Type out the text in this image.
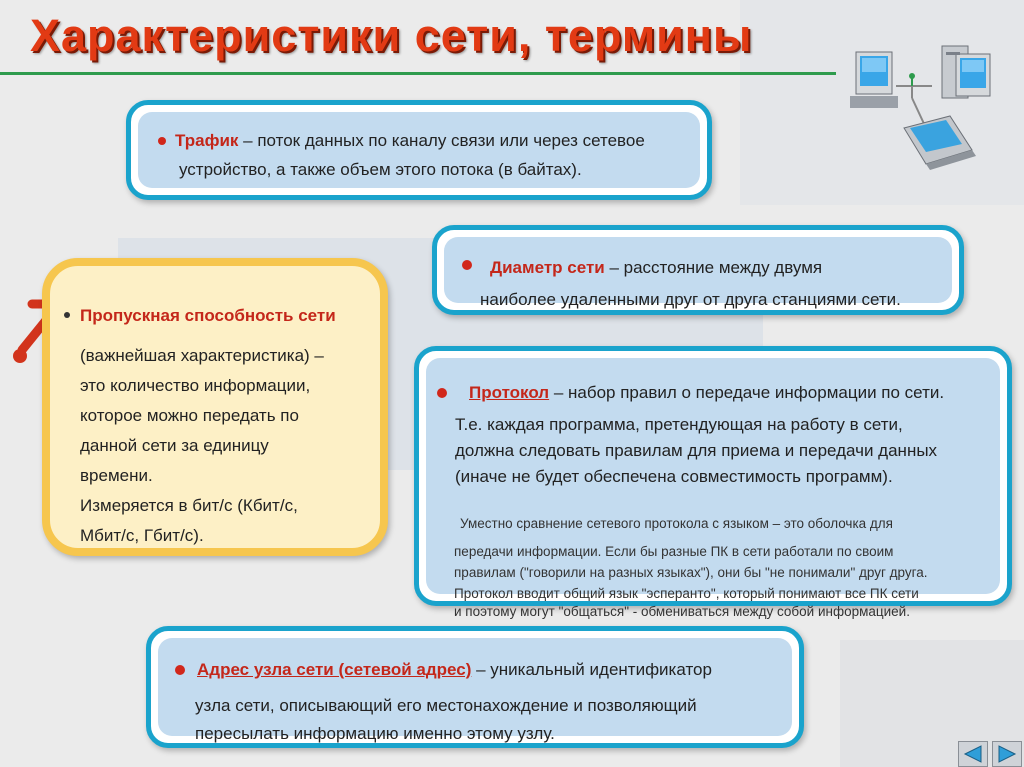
Характеристики сети, термины
Трафик – поток данных по каналу связи или через сетевое
устройство, а также объем этого потока (в байтах).
Диаметр сети – расстояние между двумя
наиболее удаленными друг от друга станциями сети.
Пропускная способность сети
(важнейшая характеристика) –
это количество информации,
которое можно передать по
данной сети за единицу
времени.
Измеряется в бит/с (Кбит/с,
Мбит/с, Гбит/с).
Протокол – набор правил о передаче информации по сети.
Т.е. каждая программа, претендующая на работу в сети,
должна следовать правилам для приема и передачи данных
(иначе не будет обеспечена совместимость программ).
Уместно сравнение сетевого протокола с языком – это оболочка для
передачи информации. Если бы разные ПК в сети работали по своим
правилам ("говорили на разных языках"), они бы "не понимали" друг друга.
Протокол вводит общий язык "эсперанто", который понимают все ПК сети
и поэтому могут "общаться" - обмениваться между собой информацией.
Адрес узла сети (сетевой адрес) – уникальный идентификатор
узла сети, описывающий его местонахождение и позволяющий
пересылать информацию именно этому узлу.
